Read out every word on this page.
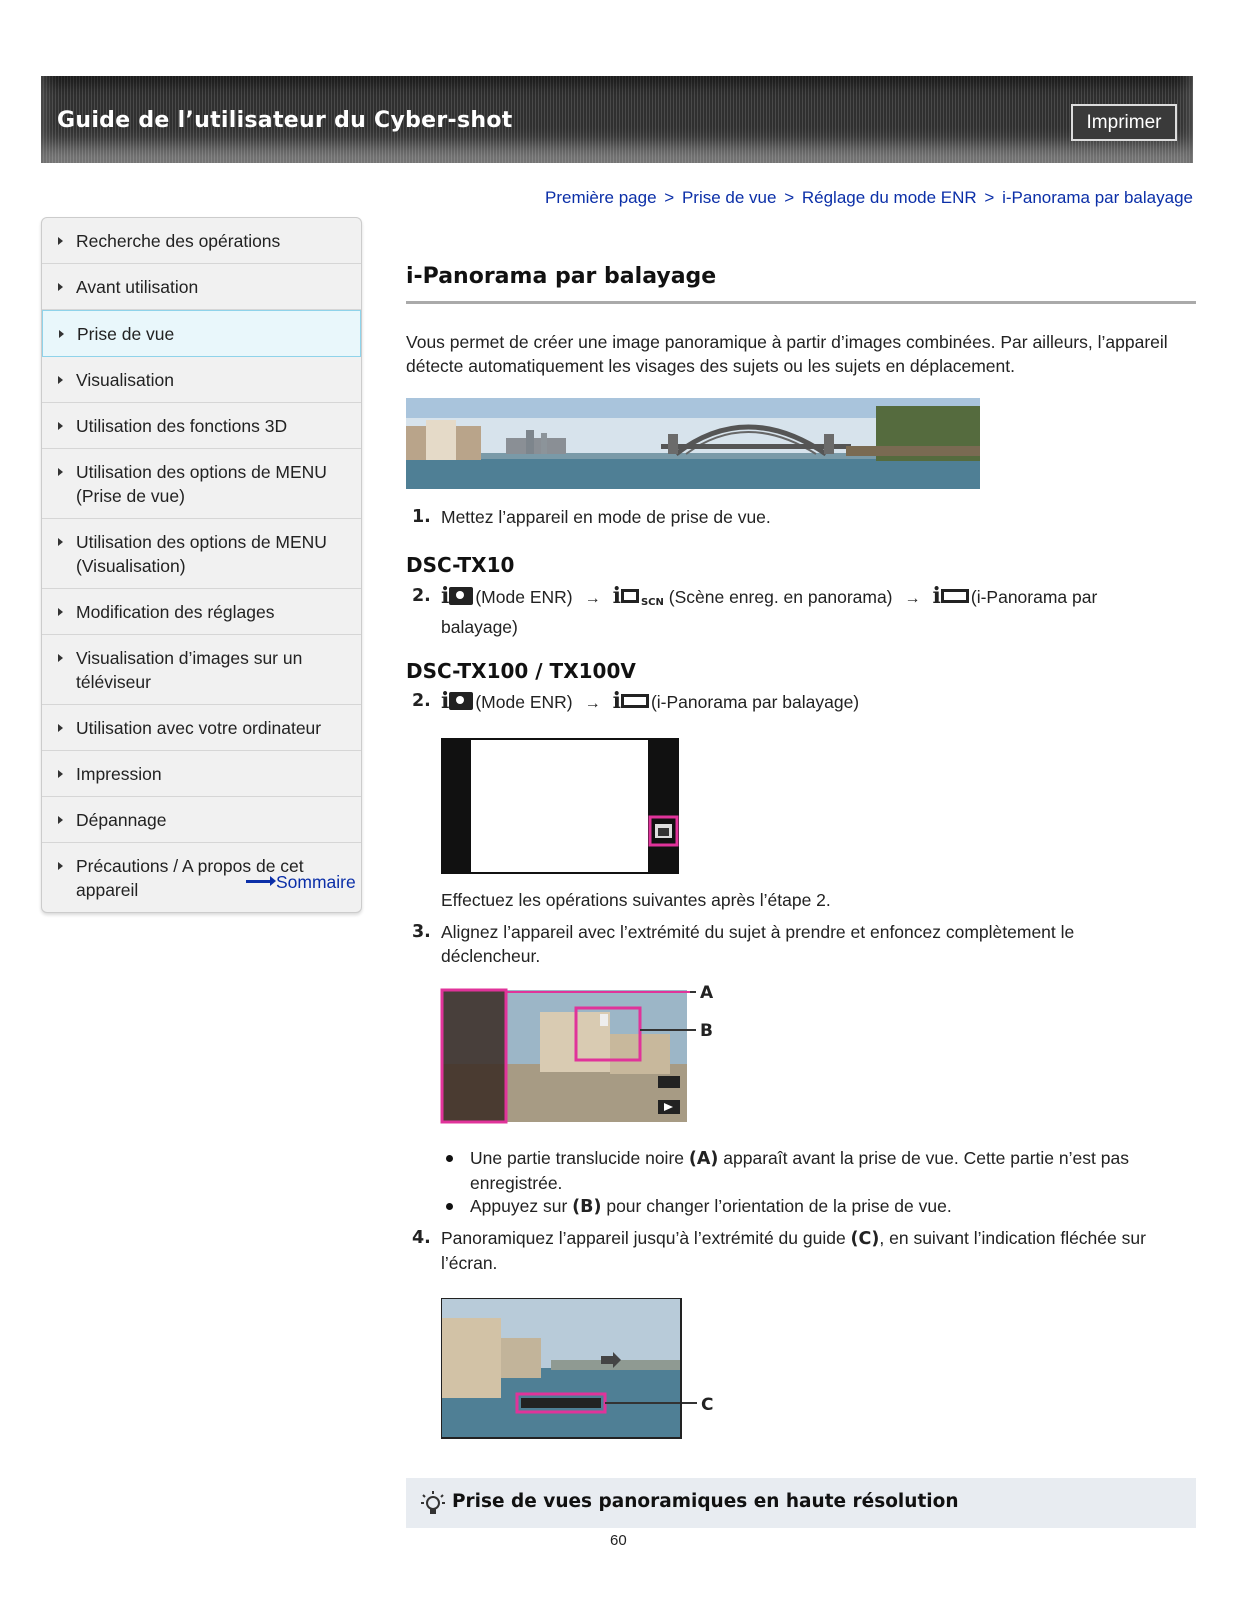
Guide de l’utilisateur du Cyber-shot	Imprimer
Première page > Prise de vue > Réglage du mode ENR > i-Panorama par balayage
Recherche des opérations
Avant utilisation
Prise de vue
Visualisation
Utilisation des fonctions 3D
Utilisation des options de MENU (Prise de vue)
Utilisation des options de MENU (Visualisation)
Modification des réglages
Visualisation d’images sur un téléviseur
Utilisation avec votre ordinateur
Impression
Dépannage
Précautions / A propos de cet appareil	Sommaire
i-Panorama par balayage
Vous permet de créer une image panoramique à partir d’images combinées. Par ailleurs, l’appareil détecte automatiquement les visages des sujets ou les sujets en déplacement.
1. Mettez l’appareil en mode de prise de vue.
DSC-TX10
2. i (Mode ENR) → i SCN (Scène enreg. en panorama) → i (i-Panorama par
balayage)
DSC-TX100 / TX100V
2. i (Mode ENR) → i (i-Panorama par balayage)
Effectuez les opérations suivantes après l’étape 2.
3. Alignez l’appareil avec l’extrémité du sujet à prendre et enfoncez complètement le déclencheur.
A
B
Une partie translucide noire (A) apparaît avant la prise de vue. Cette partie n’est pas enregistrée.
Appuyez sur (B) pour changer l’orientation de la prise de vue.
4. Panoramiquez l’appareil jusqu’à l’extrémité du guide (C), en suivant l’indication fléchée sur l’écran.
C
Prise de vues panoramiques en haute résolution
60
